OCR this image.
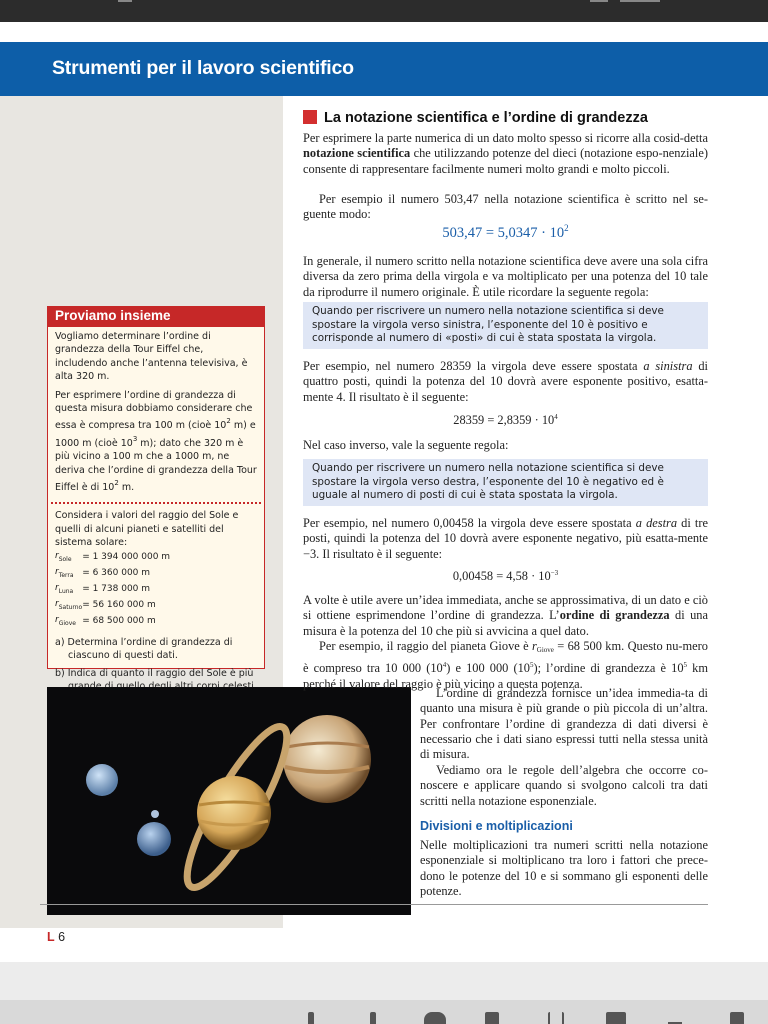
Strumenti per il lavoro scientifico
Proviamo insieme

Vogliamo determinare l’ordine di grandezza della Tour Eiffel che, includendo anche l’antenna televisiva, è alta 320 m.

Per esprimere l’ordine di grandezza di questa misura dobbiamo considerare che essa è compresa tra 100 m (cioè $10^2$ m) e 1000 m (cioè $10^3$ m); dato che 320 m è più vicino a 100 m che a 1000 m, ne deriva che l’ordine di grandezza della Tour Eiffel è di $10^2$ m.

Considera i valori del raggio del Sole e quelli di alcuni pianeti e satelliti del sistema solare:

$r_{Sole}$	= 1 394 000 000 m
$r_{Terra}$	= 6 360 000 m
$r_{Luna}$	= 1 738 000 m
$r_{Saturno}$	= 56 160 000 m
$r_{Giove}$	= 68 500 000 m

a) Determina l’ordine di grandezza di ciascuno di questi dati.

b) Indica di quanto il raggio del Sole è più

La notazione scientifica e l’ordine di grandezza

Per esprimere la parte numerica di un dato molto spesso si ricorre alla cosid-detta notazione scientifica che utilizzando potenze del dieci (notazione espo-nenziale) consente di rappresentare facilmente numeri molto grandi e molto piccoli.

Per esempio il numero 503,47 nella notazione scientifica è scritto nel se-guente modo:

$503,47 = 5,0347 \cdot 10^2$

In generale, il numero scritto nella notazione scientifica deve avere una sola cifra diversa da zero prima della virgola e va moltiplicato per una potenza del 10 tale da riprodurre il numero originale. È utile ricordare la seguente regola:

Quando per riscrivere un numero nella notazione scientifica si deve spostare la virgola verso sinistra, l’esponente del 10 è positivo e corrisponde al numero di «posti» di cui è stata spostata la virgola.

Per esempio, nel numero 28359 la virgola deve essere spostata a sinistra di quattro posti, quindi la potenza del 10 dovrà avere esponente positivo, esatta-mente 4. Il risultato è il seguente:

$28359 = 2,8359 \cdot 10^4$

Nel caso inverso, vale la seguente regola:

Quando per riscrivere un numero nella notazione scientifica si deve spostare la virgola verso destra, l’esponente del 10 è negativo ed è uguale al numero di posti di cui è stata spostata la virgola.

Per esempio, nel numero 0,00458 la virgola deve essere spostata a destra di tre posti, quindi la potenza del 10 dovrà avere esponente negativo, più esatta-mente −3. Il risultato è il seguente:

$0,00458 = 4,58 \cdot 10^{-3}$

A volte è utile avere un’idea immediata, anche se approssimativa, di un dato e ciò si ottiene esprimendone l’ordine di grandezza. L’ordine di grandezza di una misura è la potenza del 10 che più si avvicina a quel dato.

Per esempio, il raggio del pianeta Giove è rGiove = 68 500 km. Questo nu-mero è compreso tra 10 000 $(10^4)$ e 100 000 $(10^5)$; l’ordine di grandezza è $10^5$ km perché il valore del raggio è più vicino a questa potenza.

L’ordine di grandezza fornisce un’idea immedia-ta di quanto una misura è più grande o più piccola di un’altra. Per confrontare l’ordine di grandezza di dati diversi è necessario che i dati siano espressi tutti nella stessa unità di misura.

Vediamo ora le regole dell’algebra che occorre co-noscere e applicare quando si svolgono calcoli tra dati scritti nella notazione esponenziale.

Divisioni e moltiplicazioni

Nelle moltiplicazioni tra numeri scritti nella notazione esponenziale si moltiplicano tra loro i fattori che prece-dono le potenze del 10 e si sommano gli esponenti delle potenze.

L 6
